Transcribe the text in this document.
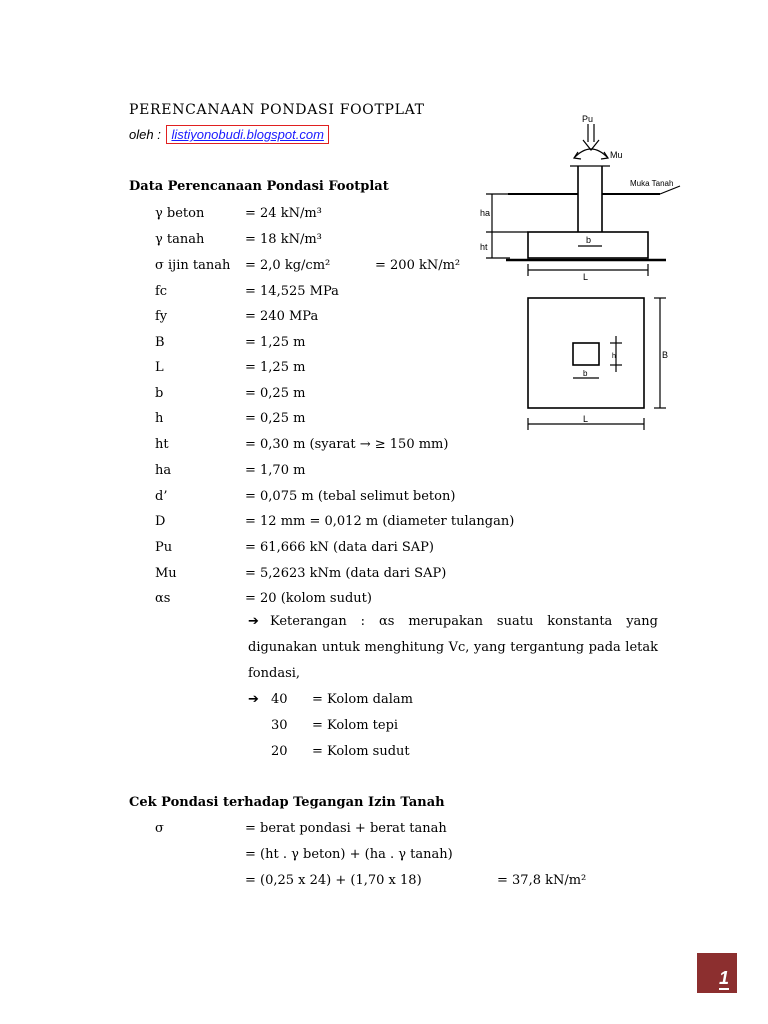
PERENCANAAN PONDASI FOOTPLAT
oleh : listiyonobudi.blogspot.com
Data Perencanaan Pondasi Footplat
γ beton	= 24 kN/m³
γ tanah	= 18 kN/m³
σ ijin tanah = 2,0 kg/cm²	= 200 kN/m²
fc	= 14,525 MPa
fy	= 240 MPa
B	= 1,25 m
L	= 1,25 m
b	= 0,25 m
h	= 0,25 m
ht	= 0,30 m (syarat → ≥ 150 mm)
ha	= 1,70 m
d’	= 0,075 m (tebal selimut beton)
D	= 12 mm = 0,012 m (diameter tulangan)
Pu	= 61,666 kN (data dari SAP)
Mu	= 5,2623 kNm (data dari SAP)
αs	= 20 (kolom sudut)
➔ Keterangan : αs merupakan suatu konstanta yang digunakan untuk menghitung Vc, yang tergantung pada letak fondasi,
➔ 40 = Kolom dalam
30 = Kolom tepi
20 = Kolom sudut
Cek Pondasi terhadap Tegangan Izin Tanah
σ	= berat pondasi + berat tanah
= (ht . γ beton) + (ha . γ tanah)
= (0,25 x 24) + (1,70 x 18)	= 37,8 kN/m²
Pu
Mu
Muka Tanah
ha
ht
b
L
b
h	B
L
1
